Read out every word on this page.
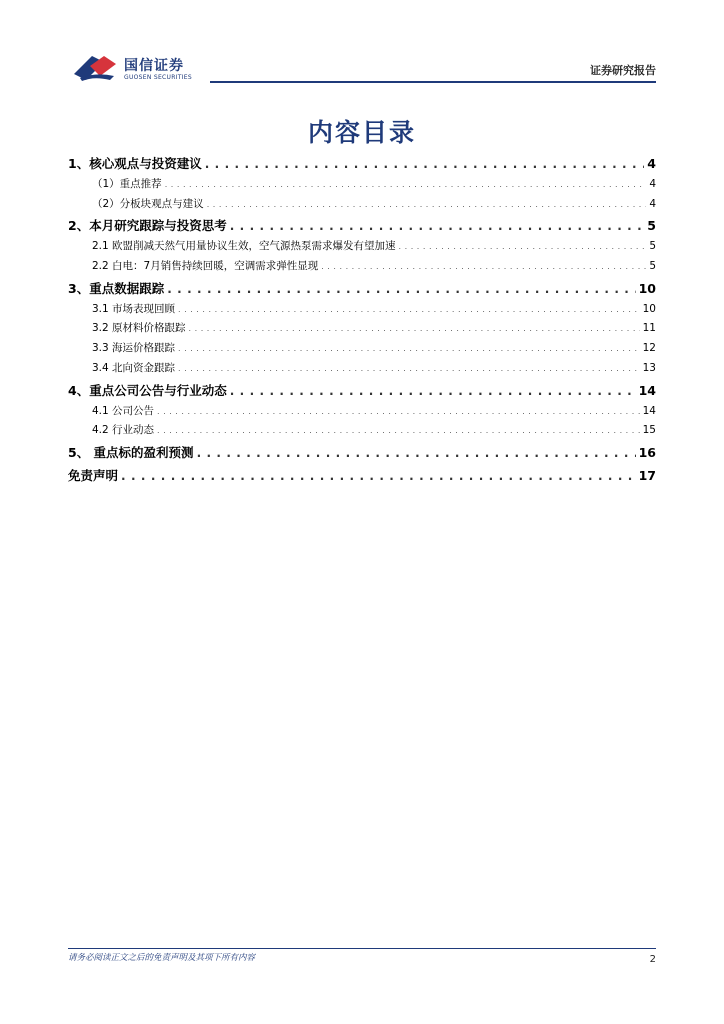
国信证券
GUOSEN SECURITIES
证券研究报告
内容目录
1、核心观点与投资建议 . . .	4
（1）重点推荐 . . .	4
（2）分板块观点与建议 . . .	4
2、本月研究跟踪与投资思考 . . .	5
2.1 欧盟削减天然气用量协议生效，空气源热泵需求爆发有望加速 . . .	5
2.2 白电：7月销售持续回暖，空调需求弹性显现 . . .	5
3、重点数据跟踪 . . .	10
3.1 市场表现回顾 . . .	10
3.2 原材料价格跟踪 . . .	11
3.3 海运价格跟踪 . . .	12
3.4 北向资金跟踪 . . .	13
4、重点公司公告与行业动态 . . .	14
4.1 公司公告 . . .	14
4.2 行业动态 . . .	15
5、 重点标的盈利预测 . . .	16
免责声明 . . .	17
请务必阅读正文之后的免责声明及其项下所有内容	2
